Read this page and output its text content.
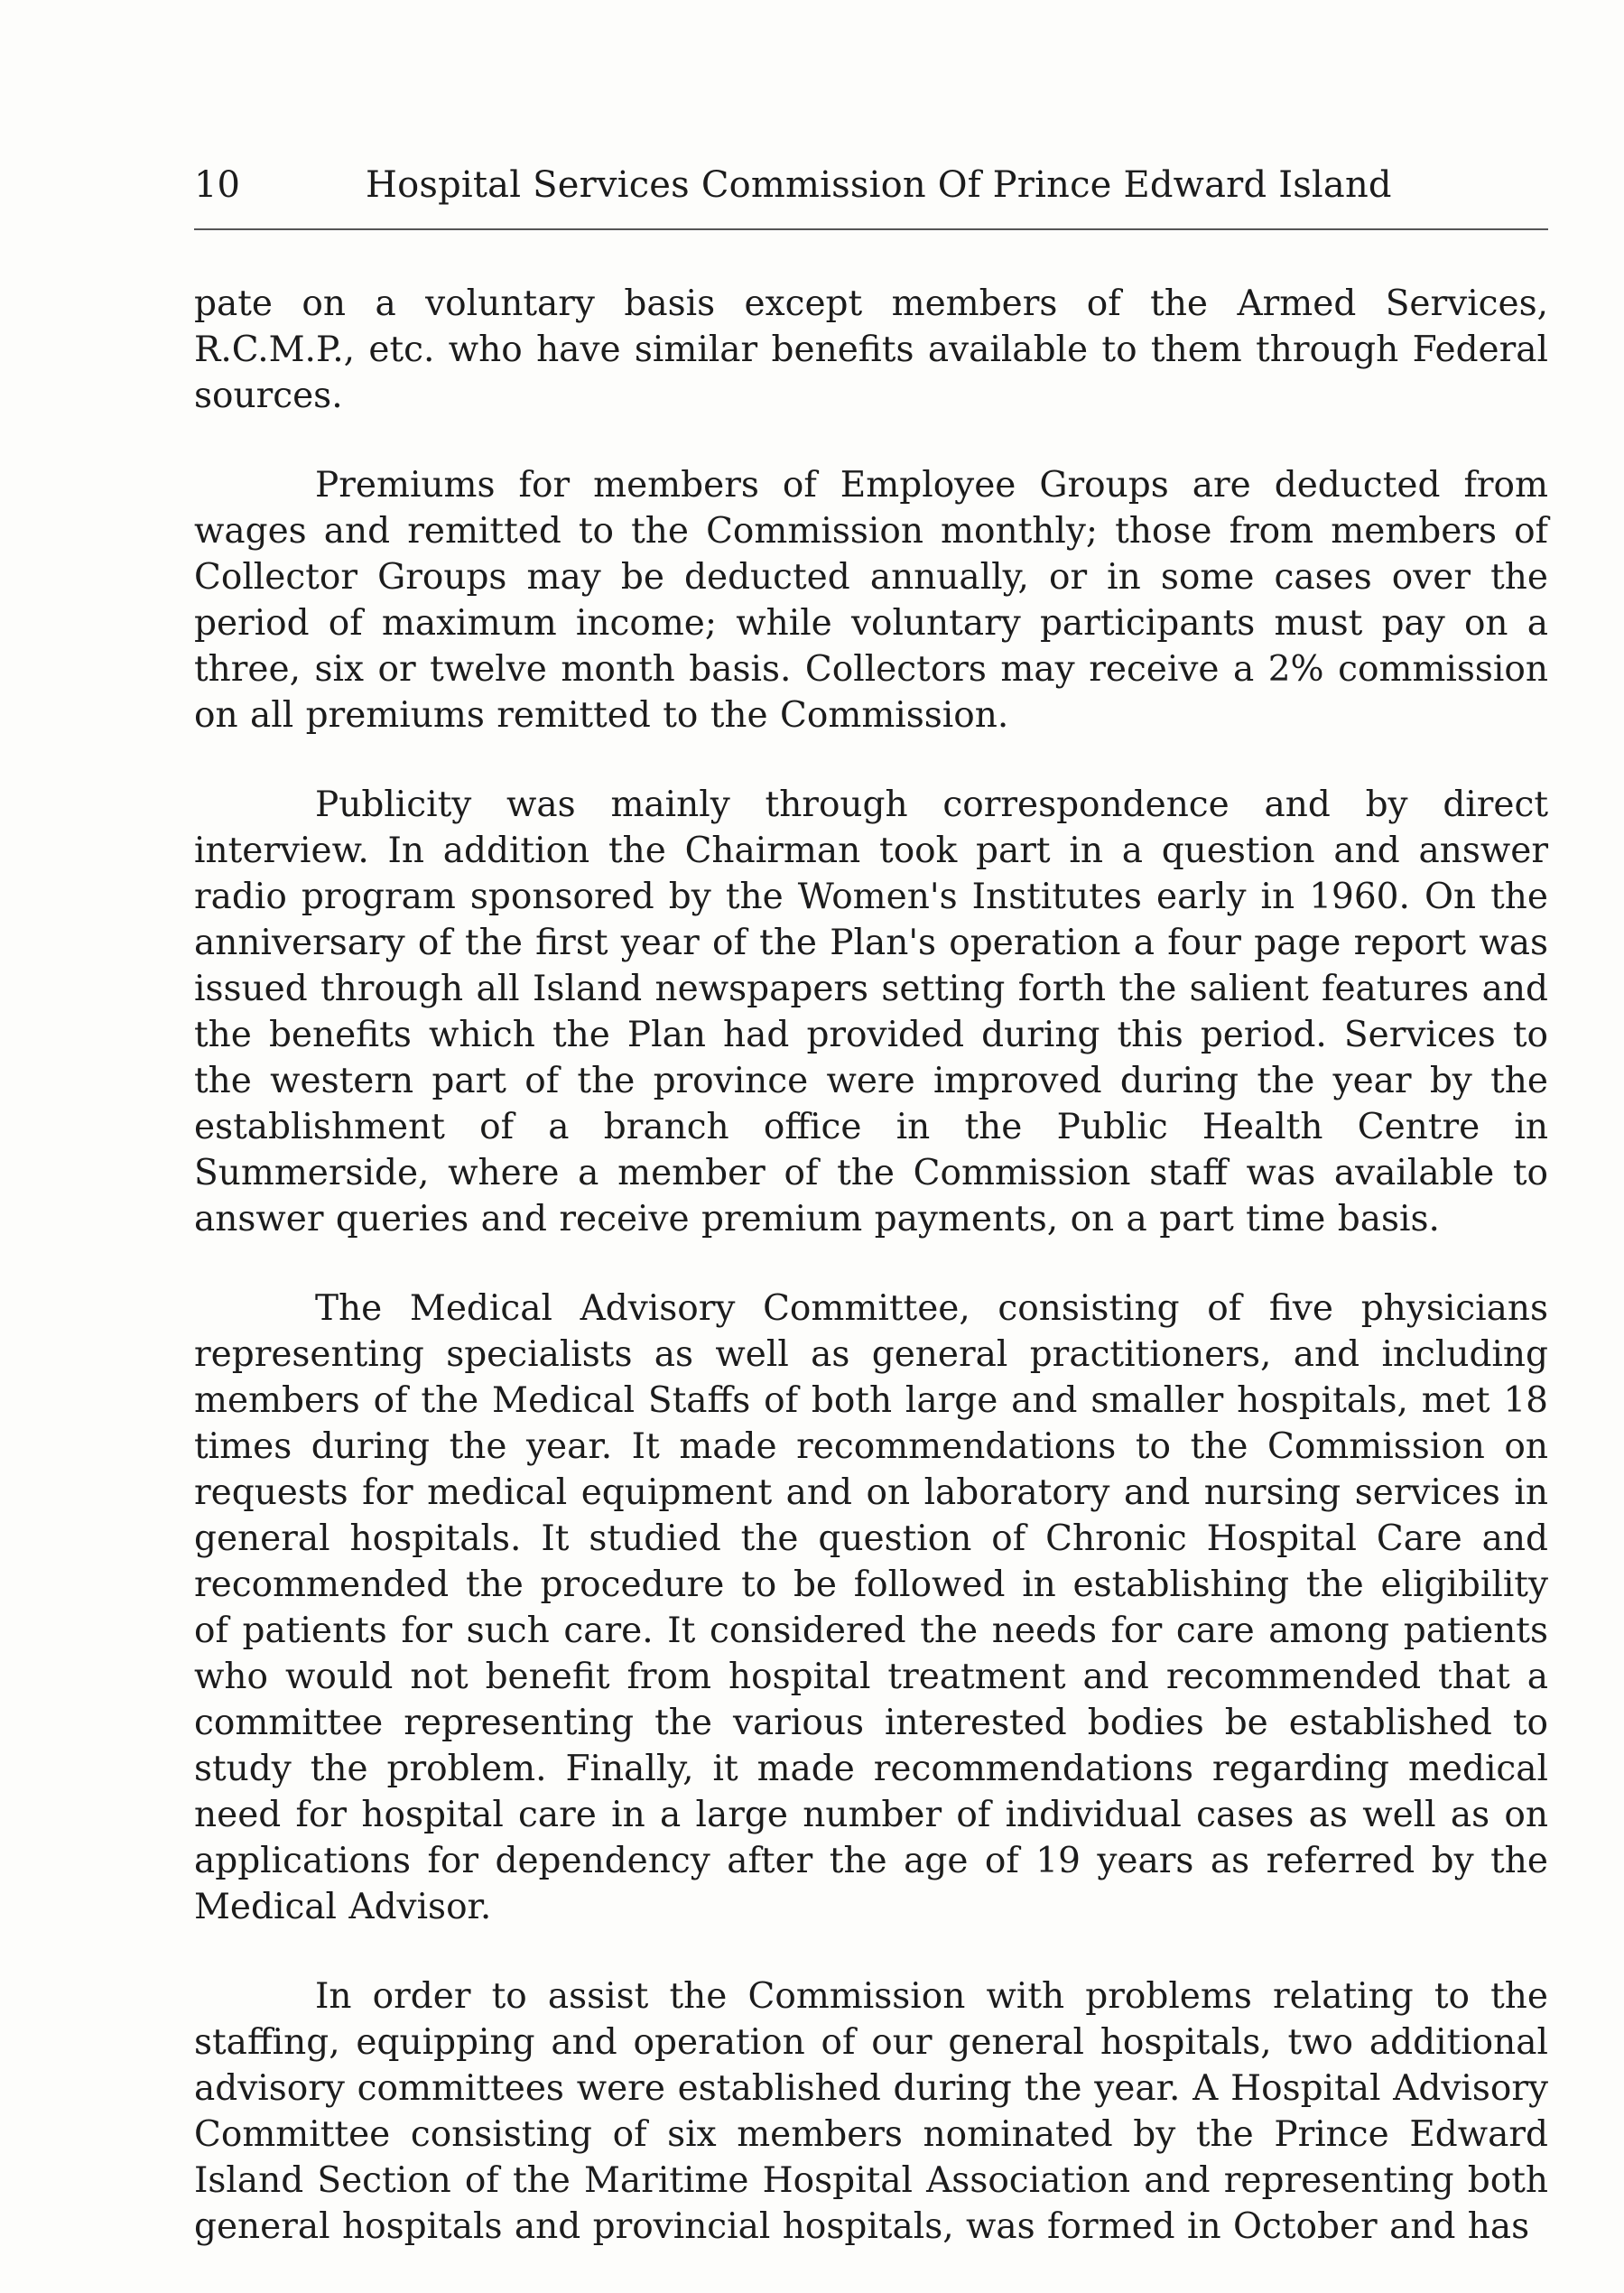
10	Hospital Services Commission Of Prince Edward Island

pate on a voluntary basis except members of the Armed Services, R.C.M.P., etc. who have similar benefits available to them through Federal sources.

Premiums for members of Employee Groups are deducted from wages and remitted to the Commission monthly; those from members of Collector Groups may be deducted annually, or in some cases over the period of maximum income; while voluntary participants must pay on a three, six or twelve month basis. Collectors may receive a 2% commission on all premiums remitted to the Commission.

Publicity was mainly through correspondence and by direct interview. In addition the Chairman took part in a question and answer radio program sponsored by the Women's Institutes early in 1960. On the anniversary of the first year of the Plan's operation a four page report was issued through all Island newspapers setting forth the salient features and the benefits which the Plan had provided during this period. Services to the western part of the province were improved during the year by the establishment of a branch office in the Public Health Centre in Summerside, where a member of the Commission staff was available to answer queries and receive premium payments, on a part time basis.

The Medical Advisory Committee, consisting of five physicians representing specialists as well as general practitioners, and including members of the Medical Staffs of both large and smaller hospitals, met 18 times during the year. It made recommendations to the Commission on requests for medical equipment and on laboratory and nursing services in general hospitals. It studied the question of Chronic Hospital Care and recommended the procedure to be followed in establishing the eligibility of patients for such care. It considered the needs for care among patients who would not benefit from hospital treatment and recommended that a committee representing the various interested bodies be established to study the problem. Finally, it made recommendations regarding medical need for hospital care in a large number of individual cases as well as on applications for dependency after the age of 19 years as referred by the Medical Advisor.

In order to assist the Commission with problems relating to the staffing, equipping and operation of our general hospitals, two additional advisory committees were established during the year. A Hospital Advisory Committee consisting of six members nominated by the Prince Edward Island Section of the Maritime Hospital Association and representing both general hospitals and provincial hospitals, was formed in October and has
